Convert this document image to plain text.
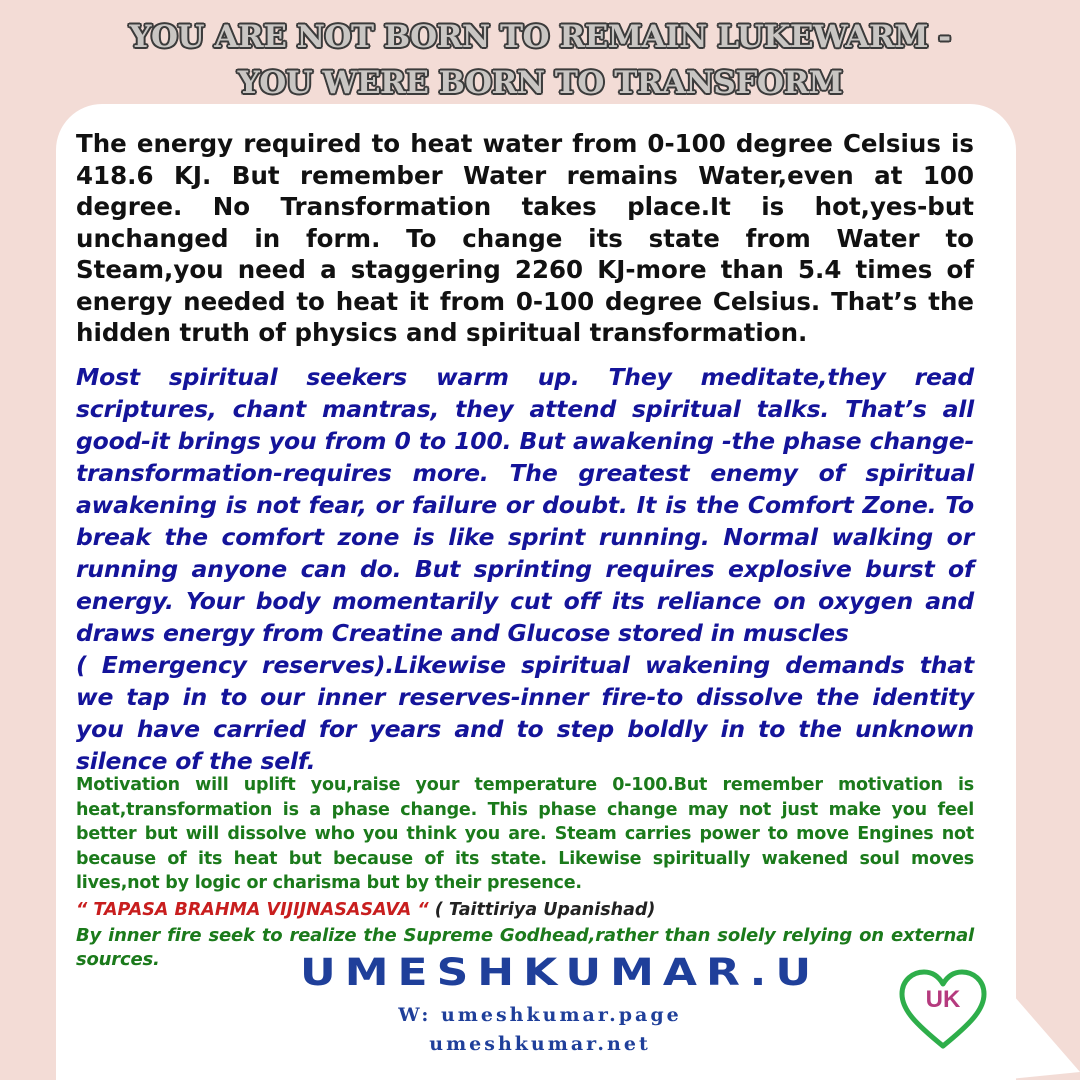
YOU ARE NOT BORN TO REMAIN LUKEWARM -
YOU WERE BORN TO TRANSFORM

The energy required to heat water from 0-100 degree Celsius is 418.6 KJ. But remember Water remains Water,even at 100 degree. No Transformation takes place.It is hot,yes-but unchanged in form. To change its state from Water to Steam,you need a staggering 2260 KJ-more than 5.4 times of energy needed to heat it from 0-100 degree Celsius. That’s the hidden truth of physics and spiritual transformation.

Most spiritual seekers warm up. They meditate,they read scriptures, chant mantras, they attend spiritual talks. That’s all good-it brings you from 0 to 100. But awakening -the phase change-transformation-requires more. The greatest enemy of spiritual awakening is not fear, or failure or doubt. It is the Comfort Zone. To break the comfort zone is like sprint running. Normal walking or running anyone can do. But sprinting requires explosive burst of energy. Your body momentarily cut off its reliance on oxygen and draws energy from Creatine and Glucose stored in muscles
( Emergency reserves).Likewise spiritual wakening demands that we tap in to our inner reserves-inner fire-to dissolve the identity you have carried for years and to step boldly in to the unknown silence of the self.

Motivation will uplift you,raise your temperature 0-100.But remember motivation is heat,transformation is a phase change. This phase change may not just make you feel better but will dissolve who you think you are. Steam carries power to move Engines not because of its heat but because of its state. Likewise spiritually wakened soul moves lives,not by logic or charisma but by their presence.

“ TAPASA BRAHMA VIJIJNASASAVA “ ( Taittiriya Upanishad)

By inner fire seek to realize the Supreme Godhead,rather than solely relying on external sources.	UMESHKUMAR.U
W: umeshkumar.page
umeshkumar.net
UK
